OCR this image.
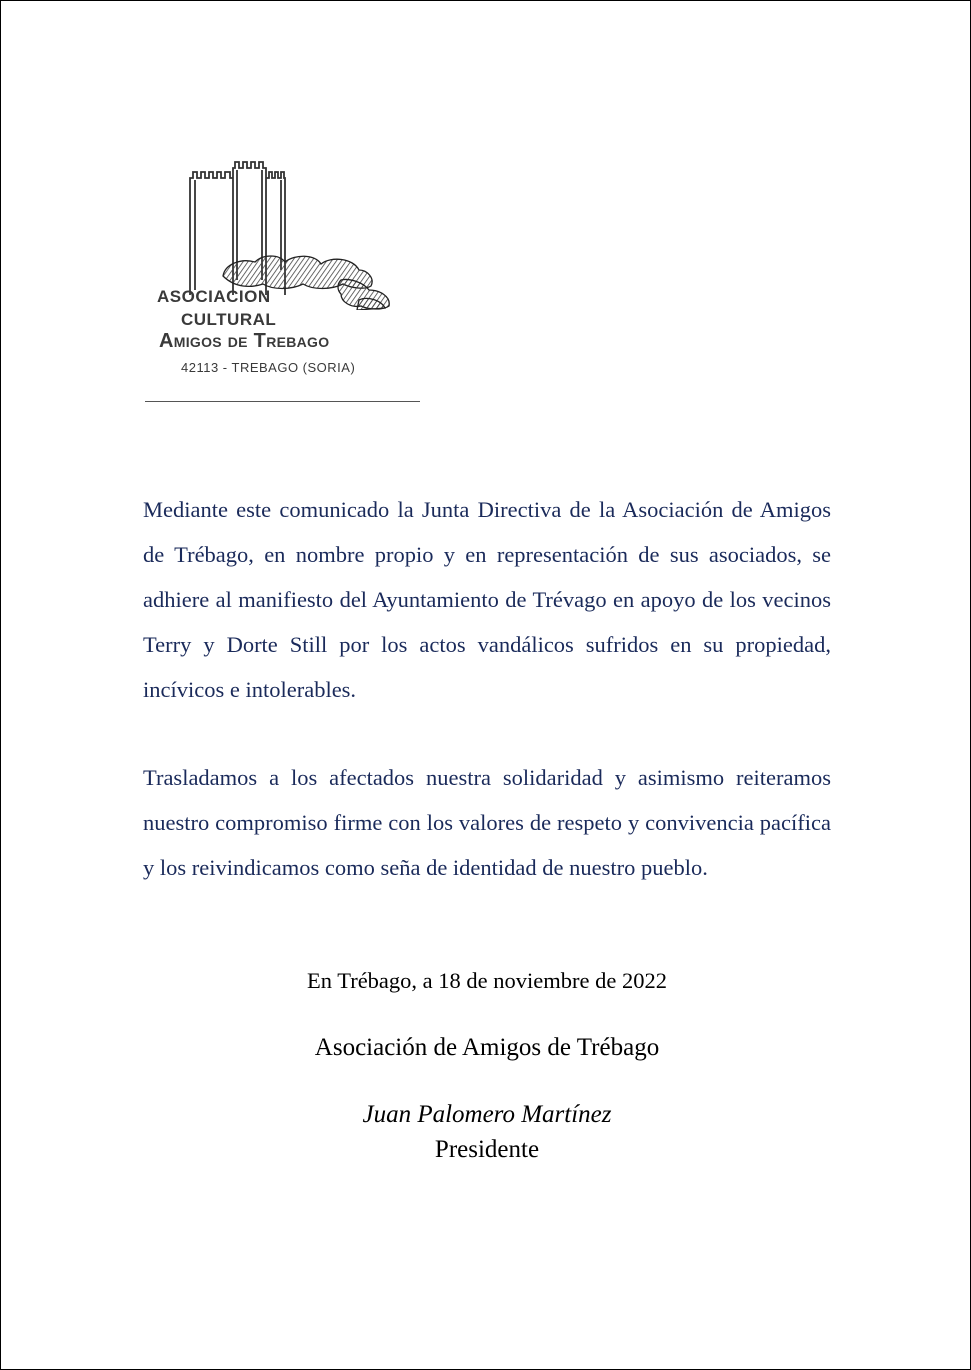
ASOCIACION
CULTURAL
Amigos de Trebago
42113 - TREBAGO (SORIA)

Mediante este comunicado la Junta Directiva de la Asociación de Amigos de Trébago, en nombre propio y en representación de sus asociados, se adhiere al manifiesto del Ayuntamiento de Trévago en apoyo de los vecinos Terry y Dorte Still por los actos vandálicos sufridos en su propiedad, incívicos e intolerables.

Trasladamos a los afectados nuestra solidaridad y asimismo reiteramos nuestro compromiso firme con los valores de respeto y convivencia pacífica y los reivindicamos como seña de identidad de nuestro pueblo.

En Trébago, a 18 de noviembre de 2022

Asociación de Amigos de Trébago

Juan Palomero Martínez

Presidente
